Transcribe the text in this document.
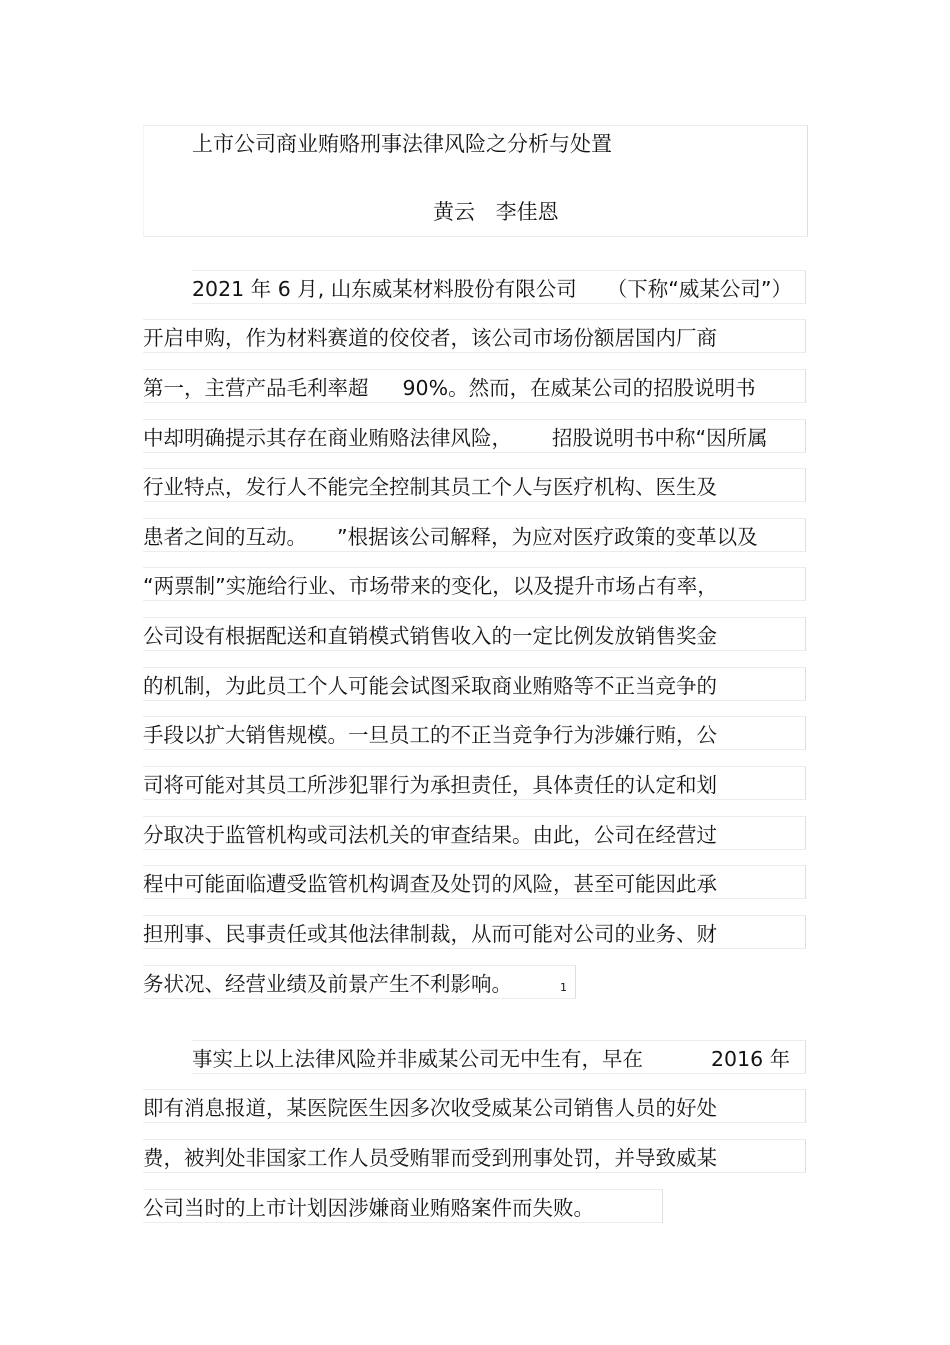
上市公司商业贿赂刑事法律风险之分析与处置
黄云 李佳恩
2021 年 6 月, 山东威某材料股份有限公司 （下称“威某公司”）
开启申购，作为材料赛道的佼佼者，该公司市场份额居国内厂商
第一，主营产品毛利率超 90%。然而，在威某公司的招股说明书
中却明确提示其存在商业贿赂法律风险， 招股说明书中称“因所属
行业特点，发行人不能完全控制其员工个人与医疗机构、医生及
患者之间的互动。 ”根据该公司解释，为应对医疗政策的变革以及
“两票制”实施给行业、市场带来的变化，以及提升市场占有率，
公司设有根据配送和直销模式销售收入的一定比例发放销售奖金
的机制，为此员工个人可能会试图采取商业贿赂等不正当竞争的
手段以扩大销售规模。一旦员工的不正当竞争行为涉嫌行贿，公
司将可能对其员工所涉犯罪行为承担责任，具体责任的认定和划
分取决于监管机构或司法机关的审查结果。由此，公司在经营过
程中可能面临遭受监管机构调查及处罚的风险，甚至可能因此承
担刑事、民事责任或其他法律制裁，从而可能对公司的业务、财
务状况、经营业绩及前景产生不利影响。	$^1$
事实上以上法律风险并非威某公司无中生有，早在	2016 年
即有消息报道，某医院医生因多次收受威某公司销售人员的好处
费，被判处非国家工作人员受贿罪而受到刑事处罚，并导致威某
公司当时的上市计划因涉嫌商业贿赂案件而失败。
